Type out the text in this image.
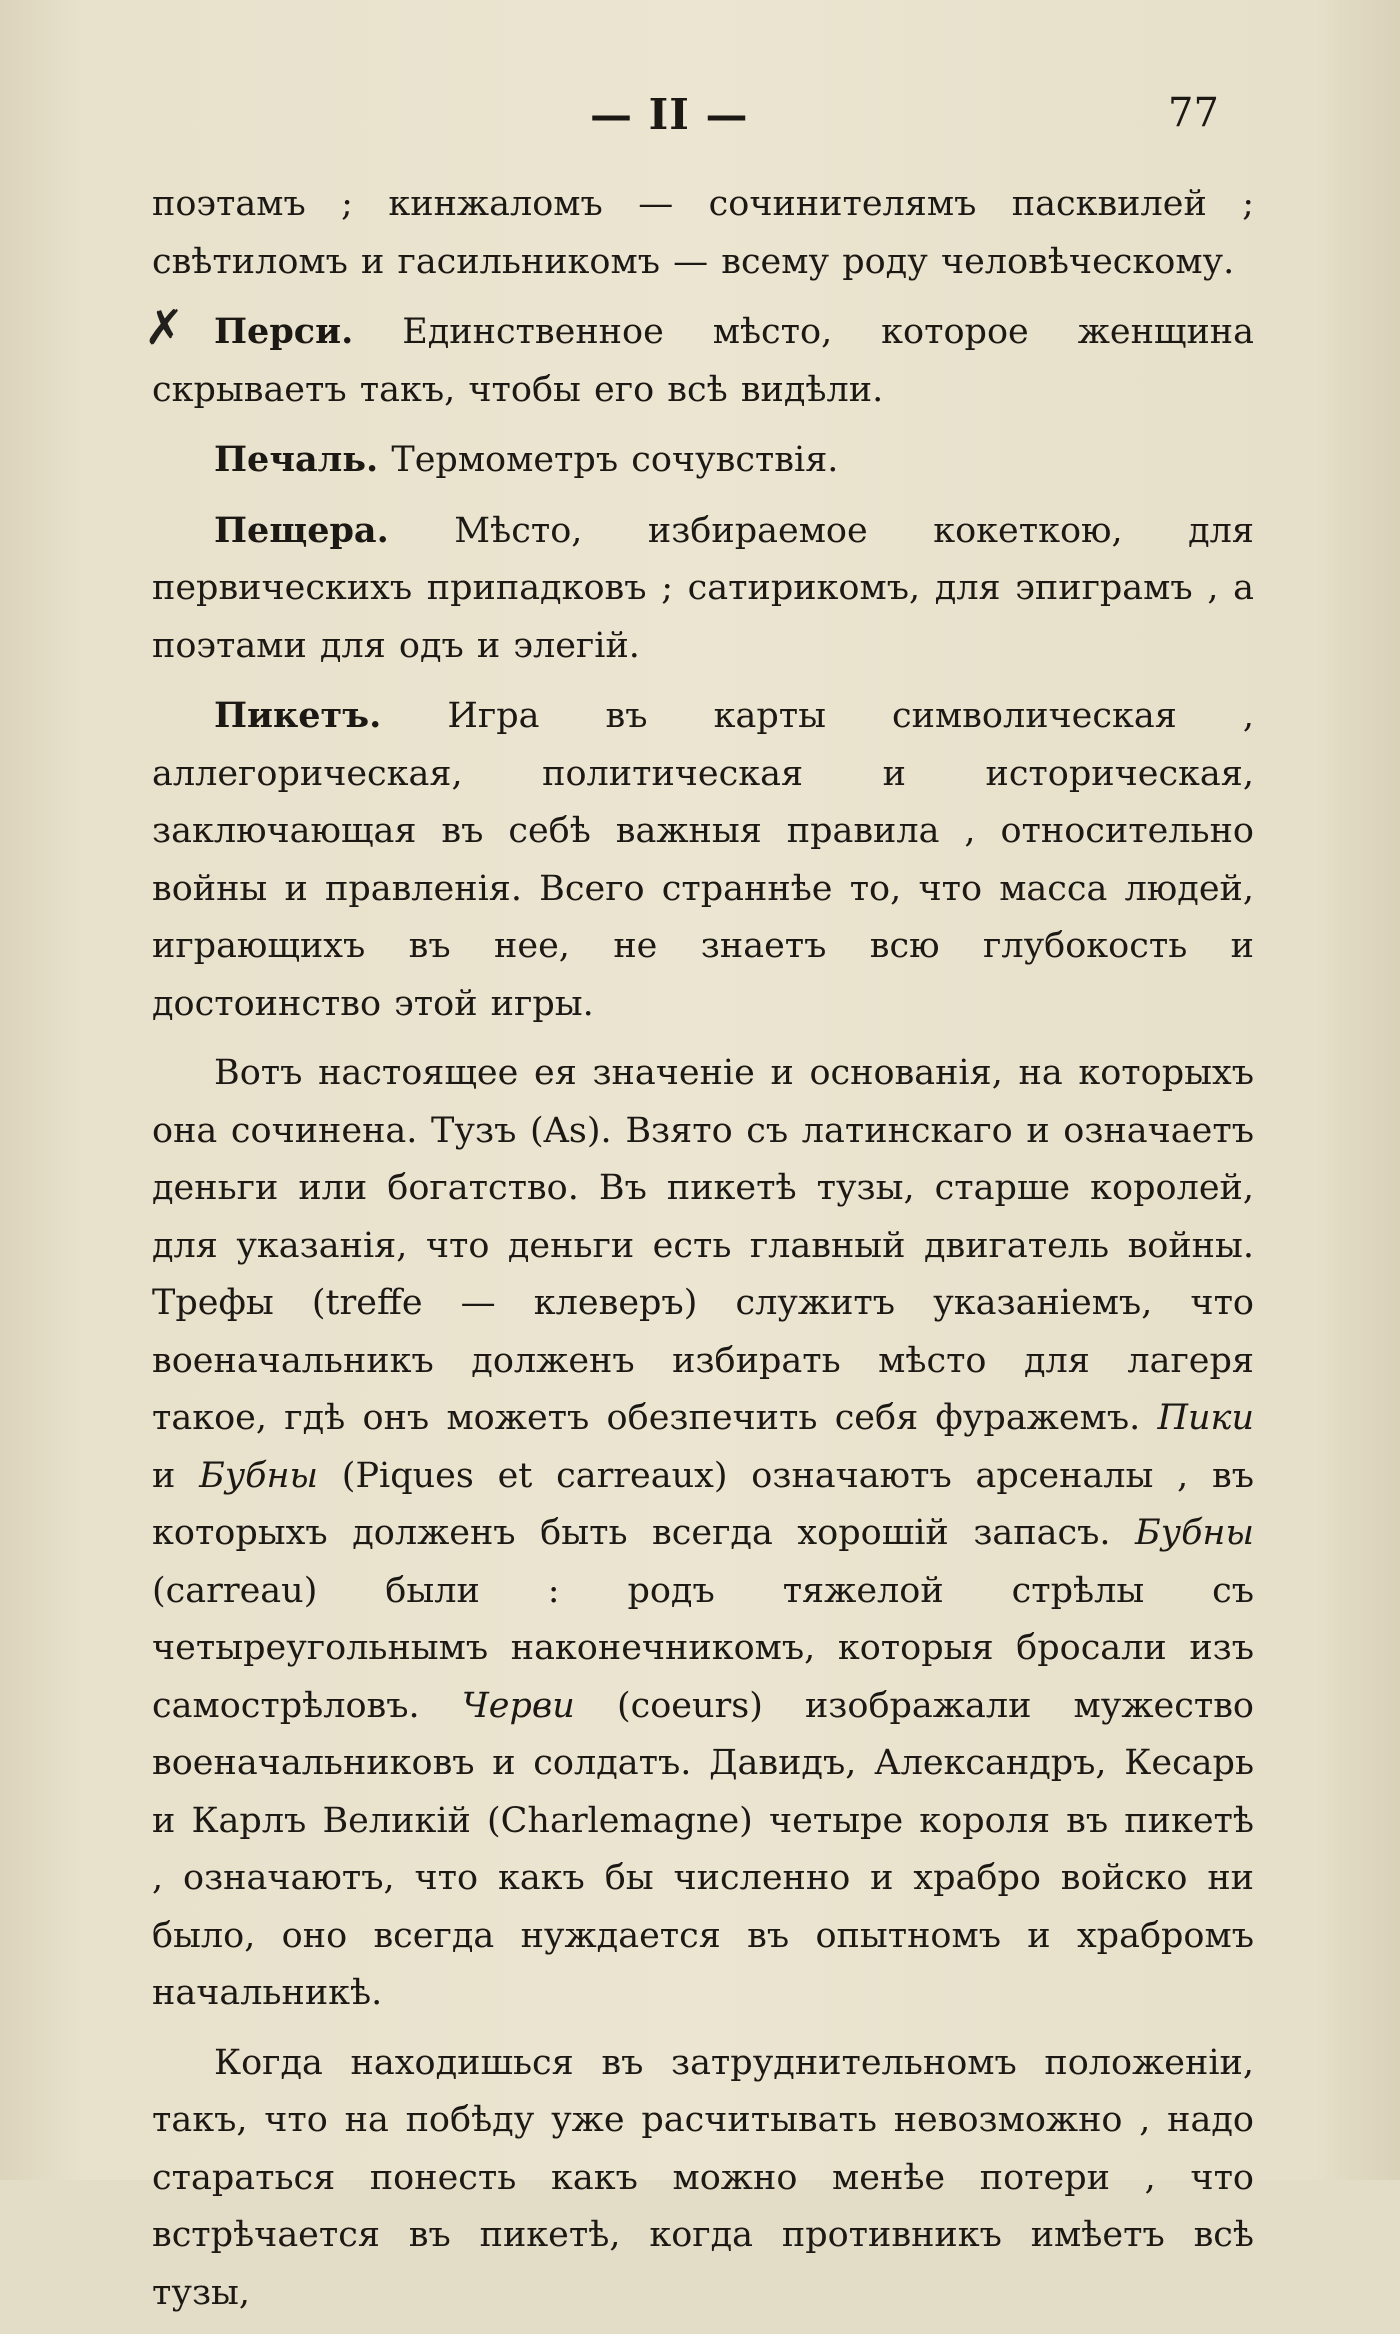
— II —	77
✗

поэтамъ ; кинжаломъ — сочинителямъ пасквилей ; свѣтиломъ и гасильникомъ — всему роду человѣческому.

Перси. Единственное мѣсто, которое женщина скрываетъ такъ, чтобы его всѣ видѣли.

Печаль. Термометръ сочувствія.

Пещера. Мѣсто, избираемое кокеткою, для первическихъ припадковъ ; сатирикомъ, для эпиграмъ , а поэтами для одъ и элегій.

Пикетъ. Игра въ карты символическая , аллегорическая, политическая и историческая, заключающая въ себѣ важныя правила , относительно войны и правленія. Всего страннѣе то, что масса людей, играющихъ въ нее, не знаетъ всю глубокость и достоинство этой игры.

Вотъ настоящее ея значеніе и основанія, на которыхъ она сочинена. Тузъ (As). Взято съ латинскаго и означаетъ деньги или богатство. Въ пикетѣ тузы, старше королей, для указанія, что деньги есть главный двигатель войны. Трефы (treffe — клеверъ) служитъ указаніемъ, что военачальникъ долженъ избирать мѣсто для лагеря такое, гдѣ онъ можетъ обезпечить себя фуражемъ. Пики и Бубны (Piques et carreaux) означаютъ арсеналы , въ которыхъ долженъ быть всегда хорошій запасъ. Бубны (carreau) были : родъ тяжелой стрѣлы съ четыреугольнымъ наконечникомъ, которыя бросали изъ самострѣловъ. Черви (coeurs) изображали мужество военачальниковъ и солдатъ. Давидъ, Александръ, Кесарь и Карлъ Великій (Charlemagne) четыре короля въ пикетѣ , означаютъ, что какъ бы численно и храбро войско ни было, оно всегда нуждается въ опытномъ и храбромъ начальникѣ.

Когда находишься въ затруднительномъ положеніи, такъ, что на побѣду уже расчитывать невозможно , надо стараться понесть какъ можно менѣе потери , что встрѣчается въ пикетѣ, когда противникъ имѣетъ всѣ тузы,
